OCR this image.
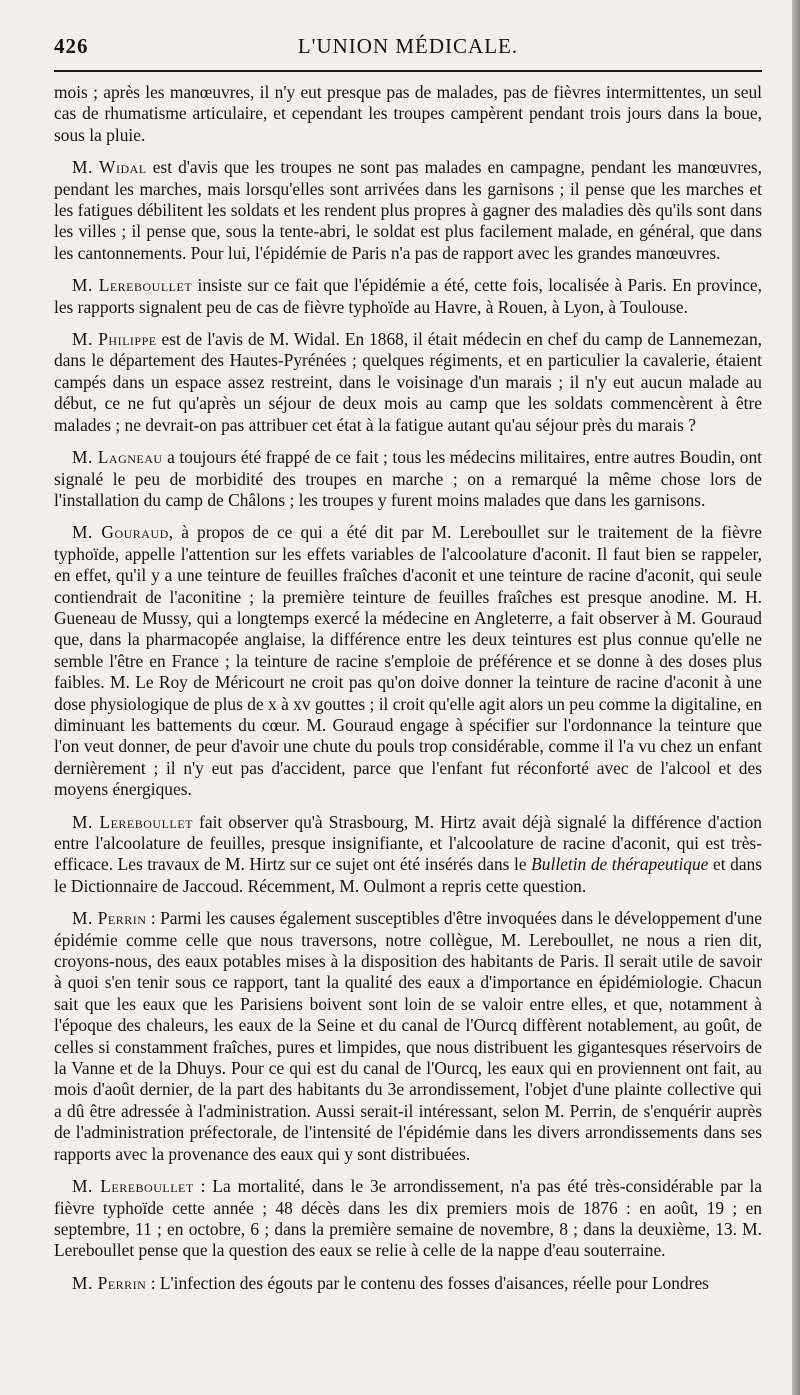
426	L'UNION MÉDICALE.

mois ; après les manœuvres, il n'y eut presque pas de malades, pas de fièvres intermittentes, un seul cas de rhumatisme articulaire, et cependant les troupes campèrent pendant trois jours dans la boue, sous la pluie.

M. Widal est d'avis que les troupes ne sont pas malades en campagne, pendant les manœuvres, pendant les marches, mais lorsqu'elles sont arrivées dans les garnisons ; il pense que les marches et les fatigues débilitent les soldats et les rendent plus propres à gagner des maladies dès qu'ils sont dans les villes ; il pense que, sous la tente-abri, le soldat est plus facilement malade, en général, que dans les cantonnements. Pour lui, l'épidémie de Paris n'a pas de rapport avec les grandes manœuvres.

M. Lereboullet insiste sur ce fait que l'épidémie a été, cette fois, localisée à Paris. En province, les rapports signalent peu de cas de fièvre typhoïde au Havre, à Rouen, à Lyon, à Toulouse.

M. Philippe est de l'avis de M. Widal. En 1868, il était médecin en chef du camp de Lannemezan, dans le département des Hautes-Pyrénées ; quelques régiments, et en particulier la cavalerie, étaient campés dans un espace assez restreint, dans le voisinage d'un marais ; il n'y eut aucun malade au début, ce ne fut qu'après un séjour de deux mois au camp que les soldats commencèrent à être malades ; ne devrait-on pas attribuer cet état à la fatigue autant qu'au séjour près du marais ?

M. Lagneau a toujours été frappé de ce fait ; tous les médecins militaires, entre autres Boudin, ont signalé le peu de morbidité des troupes en marche ; on a remarqué la même chose lors de l'installation du camp de Châlons ; les troupes y furent moins malades que dans les garnisons.

M. Gouraud, à propos de ce qui a été dit par M. Lereboullet sur le traitement de la fièvre typhoïde, appelle l'attention sur les effets variables de l'alcoolature d'aconit. Il faut bien se rappeler, en effet, qu'il y a une teinture de feuilles fraîches d'aconit et une teinture de racine d'aconit, qui seule contiendrait de l'aconitine ; la première teinture de feuilles fraîches est presque anodine. M. H. Gueneau de Mussy, qui a longtemps exercé la médecine en Angleterre, a fait observer à M. Gouraud que, dans la pharmacopée anglaise, la différence entre les deux teintures est plus connue qu'elle ne semble l'être en France ; la teinture de racine s'emploie de préférence et se donne à des doses plus faibles. M. Le Roy de Méricourt ne croit pas qu'on doive donner la teinture de racine d'aconit à une dose physiologique de plus de x à xv gouttes ; il croit qu'elle agit alors un peu comme la digitaline, en diminuant les battements du cœur. M. Gouraud engage à spécifier sur l'ordonnance la teinture que l'on veut donner, de peur d'avoir une chute du pouls trop considérable, comme il l'a vu chez un enfant dernièrement ; il n'y eut pas d'accident, parce que l'enfant fut réconforté avec de l'alcool et des moyens énergiques.

M. Lereboullet fait observer qu'à Strasbourg, M. Hirtz avait déjà signalé la différence d'action entre l'alcoolature de feuilles, presque insignifiante, et l'alcoolature de racine d'aconit, qui est très-efficace. Les travaux de M. Hirtz sur ce sujet ont été insérés dans le Bulletin de thérapeutique et dans le Dictionnaire de Jaccoud. Récemment, M. Oulmont a repris cette question.

M. Perrin : Parmi les causes également susceptibles d'être invoquées dans le développement d'une épidémie comme celle que nous traversons, notre collègue, M. Lereboullet, ne nous a rien dit, croyons-nous, des eaux potables mises à la disposition des habitants de Paris. Il serait utile de savoir à quoi s'en tenir sous ce rapport, tant la qualité des eaux a d'importance en épidémiologie. Chacun sait que les eaux que les Parisiens boivent sont loin de se valoir entre elles, et que, notamment à l'époque des chaleurs, les eaux de la Seine et du canal de l'Ourcq diffèrent notablement, au goût, de celles si constamment fraîches, pures et limpides, que nous distribuent les gigantesques réservoirs de la Vanne et de la Dhuys. Pour ce qui est du canal de l'Ourcq, les eaux qui en proviennent ont fait, au mois d'août dernier, de la part des habitants du 3e arrondissement, l'objet d'une plainte collective qui a dû être adressée à l'administration. Aussi serait-il intéressant, selon M. Perrin, de s'enquérir auprès de l'administration préfectorale, de l'intensité de l'épidémie dans les divers arrondissements dans ses rapports avec la provenance des eaux qui y sont distribuées.

M. Lereboullet : La mortalité, dans le 3e arrondissement, n'a pas été très-considérable par la fièvre typhoïde cette année ; 48 décès dans les dix premiers mois de 1876 : en août, 19 ; en septembre, 11 ; en octobre, 6 ; dans la première semaine de novembre, 8 ; dans la deuxième, 13. M. Lereboullet pense que la question des eaux se relie à celle de la nappe d'eau souterraine.

M. Perrin : L'infection des égouts par le contenu des fosses d'aisances, réelle pour Londres
